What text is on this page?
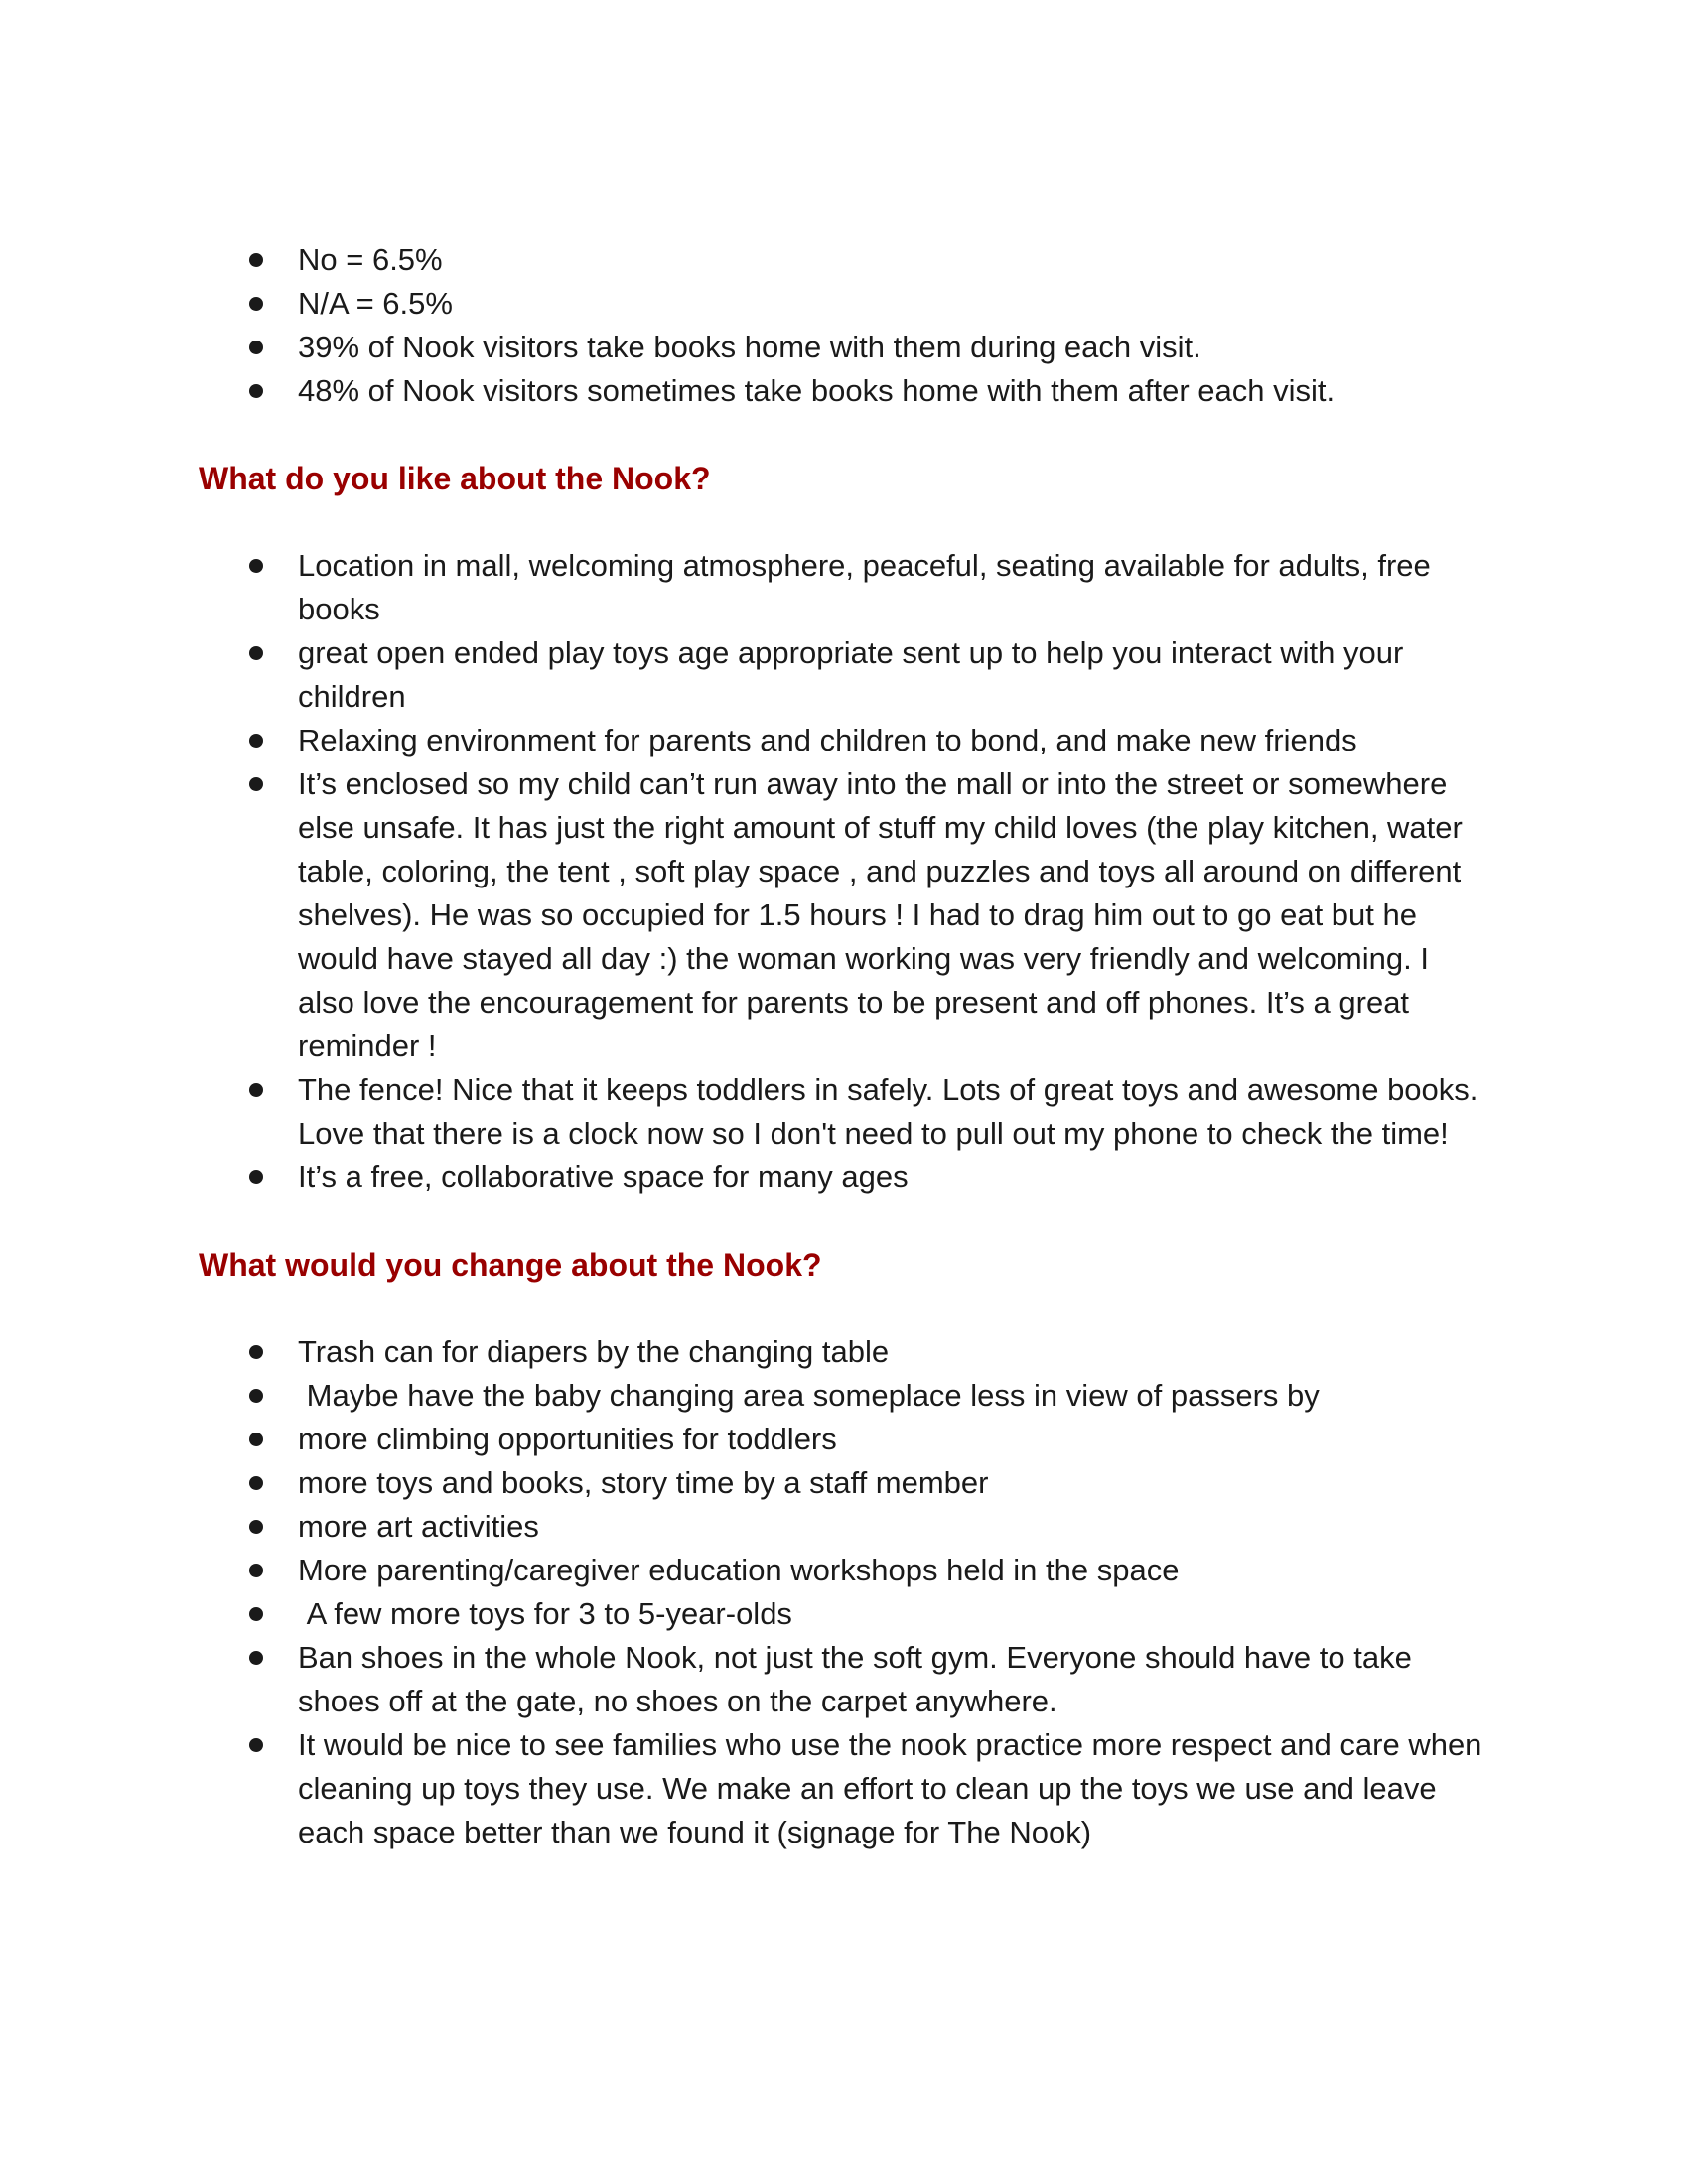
No = 6.5%
N/A = 6.5%
39% of Nook visitors take books home with them during each visit.
48% of Nook visitors sometimes take books home with them after each visit.
What do you like about the Nook?
Location in mall, welcoming atmosphere, peaceful, seating available for adults, free books
great open ended play toys age appropriate sent up to help you interact with your children
Relaxing environment for parents and children to bond, and make new friends
It’s enclosed so my child can’t run away into the mall or into the street or somewhere else unsafe. It has just the right amount of stuff my child loves (the play kitchen, water table, coloring, the tent , soft play space , and puzzles and toys all around on different shelves). He was so occupied for 1.5 hours ! I had to drag him out to go eat but he would have stayed all day :) the woman working was very friendly and welcoming. I also love the encouragement for parents to be present and off phones. It’s a great reminder !
The fence! Nice that it keeps toddlers in safely. Lots of great toys and awesome books. Love that there is a clock now so I don't need to pull out my phone to check the time!
It’s a free, collaborative space for many ages
What would you change about the Nook?
Trash can for diapers by the changing table
Maybe have the baby changing area someplace less in view of passers by
more climbing opportunities for toddlers
more toys and books, story time by a staff member
more art activities
More parenting/caregiver education workshops held in the space
A few more toys for 3 to 5-year-olds
Ban shoes in the whole Nook, not just the soft gym. Everyone should have to take shoes off at the gate, no shoes on the carpet anywhere.
It would be nice to see families who use the nook practice more respect and care when cleaning up toys they use. We make an effort to clean up the toys we use and leave each space better than we found it (signage for The Nook)
